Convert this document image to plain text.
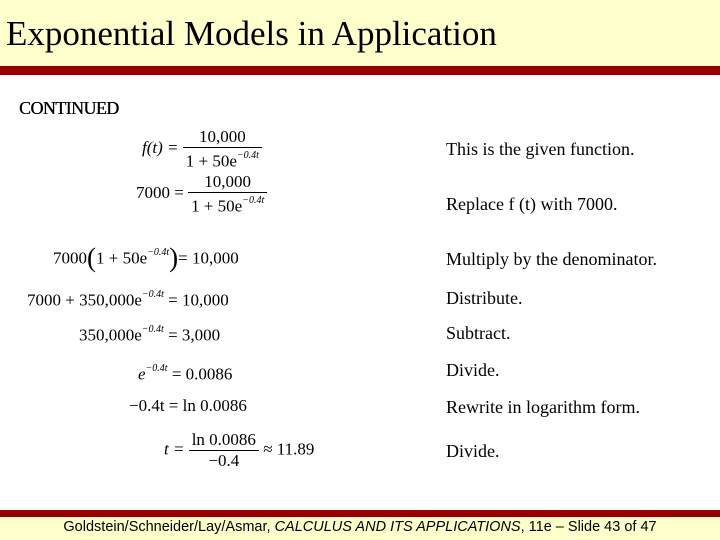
Exponential Models in Application
CONTINUED
$f(t) = \frac{10,000}{1 + 50e^{-0.4t}}$	This is the given function.
$7000 = \frac{10,000}{1 + 50e^{-0.4t}}$	Replace f (t) with 7000.
$7000(1 + 50e^{-0.4t})= 10,000$	Multiply by the denominator.
$7000 + 350,000e^{-0.4t} = 10,000$	Distribute.
$350,000e^{-0.4t} = 3,000$	Subtract.
$e^{-0.4t} = 0.0086$	Divide.
−0.4t = ln 0.0086	Rewrite in logarithm form.
$t = \frac{\ln 0.0086}{-0.4} \approx 11.89$	Divide.
Goldstein/Schneider/Lay/Asmar, CALCULUS AND ITS APPLICATIONS, 11e – Slide 43 of 47
